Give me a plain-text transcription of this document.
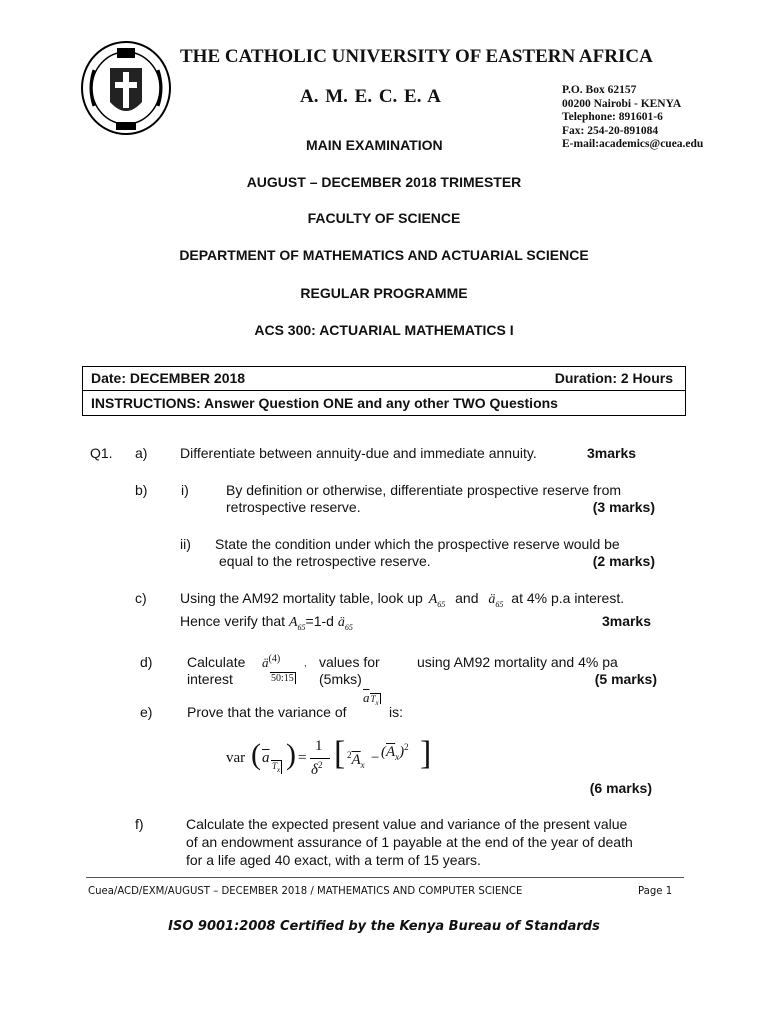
THE CATHOLIC UNIVERSITY OF EASTERN AFRICA
A. M. E. C. E. A	P.O. Box 62157
00200 Nairobi - KENYA
Telephone: 891601-6
Fax: 254-20-891084
E-mail:academics@cuea.edu
MAIN EXAMINATION
AUGUST – DECEMBER 2018 TRIMESTER
FACULTY OF SCIENCE
DEPARTMENT OF MATHEMATICS AND ACTUARIAL SCIENCE
REGULAR PROGRAMME
ACS 300: ACTUARIAL MATHEMATICS I
Date: DECEMBER 2018	Duration: 2 Hours
INSTRUCTIONS: Answer Question ONE and any other TWO Questions
Q1. a) Differentiate between annuity-due and immediate annuity.	3marks
b) i)	By definition or otherwise, differentiate prospective reserve from
retrospective reserve.	(3 marks)
ii) State the condition under which the prospective reserve would be
equal to the retrospective reserve.	(2 marks)
c) Using the AM92 mortality table, look up $A_{65}$ and $ä_{65}$ at 4% p.a interest.
Hence verify that $A_{65}=1-d$ $ä_{65}$	3marks
d) Calculate $ä^{(4)}$
50:15
, values for	using AM92 mortality and 4% pa
interest	(5mks)	(5 marks)
e) Prove that the variance of
$\overline{a}T_x$
is:
var ( $\overline{a}$ $T_x$ ) =
1
$\delta^2$ [ $^2\overline{A}_x - (\overline{A}_x)^2$ ]
(6 marks)
f)	Calculate the expected present value and variance of the present value
of an endowment assurance of 1 payable at the end of the year of death
for a life aged 40 exact, with a term of 15 years.
Cuea/ACD/EXM/AUGUST – DECEMBER 2018 / MATHEMATICS AND COMPUTER SCIENCE	Page 1
ISO 9001:2008 Certified by the Kenya Bureau of Standards
